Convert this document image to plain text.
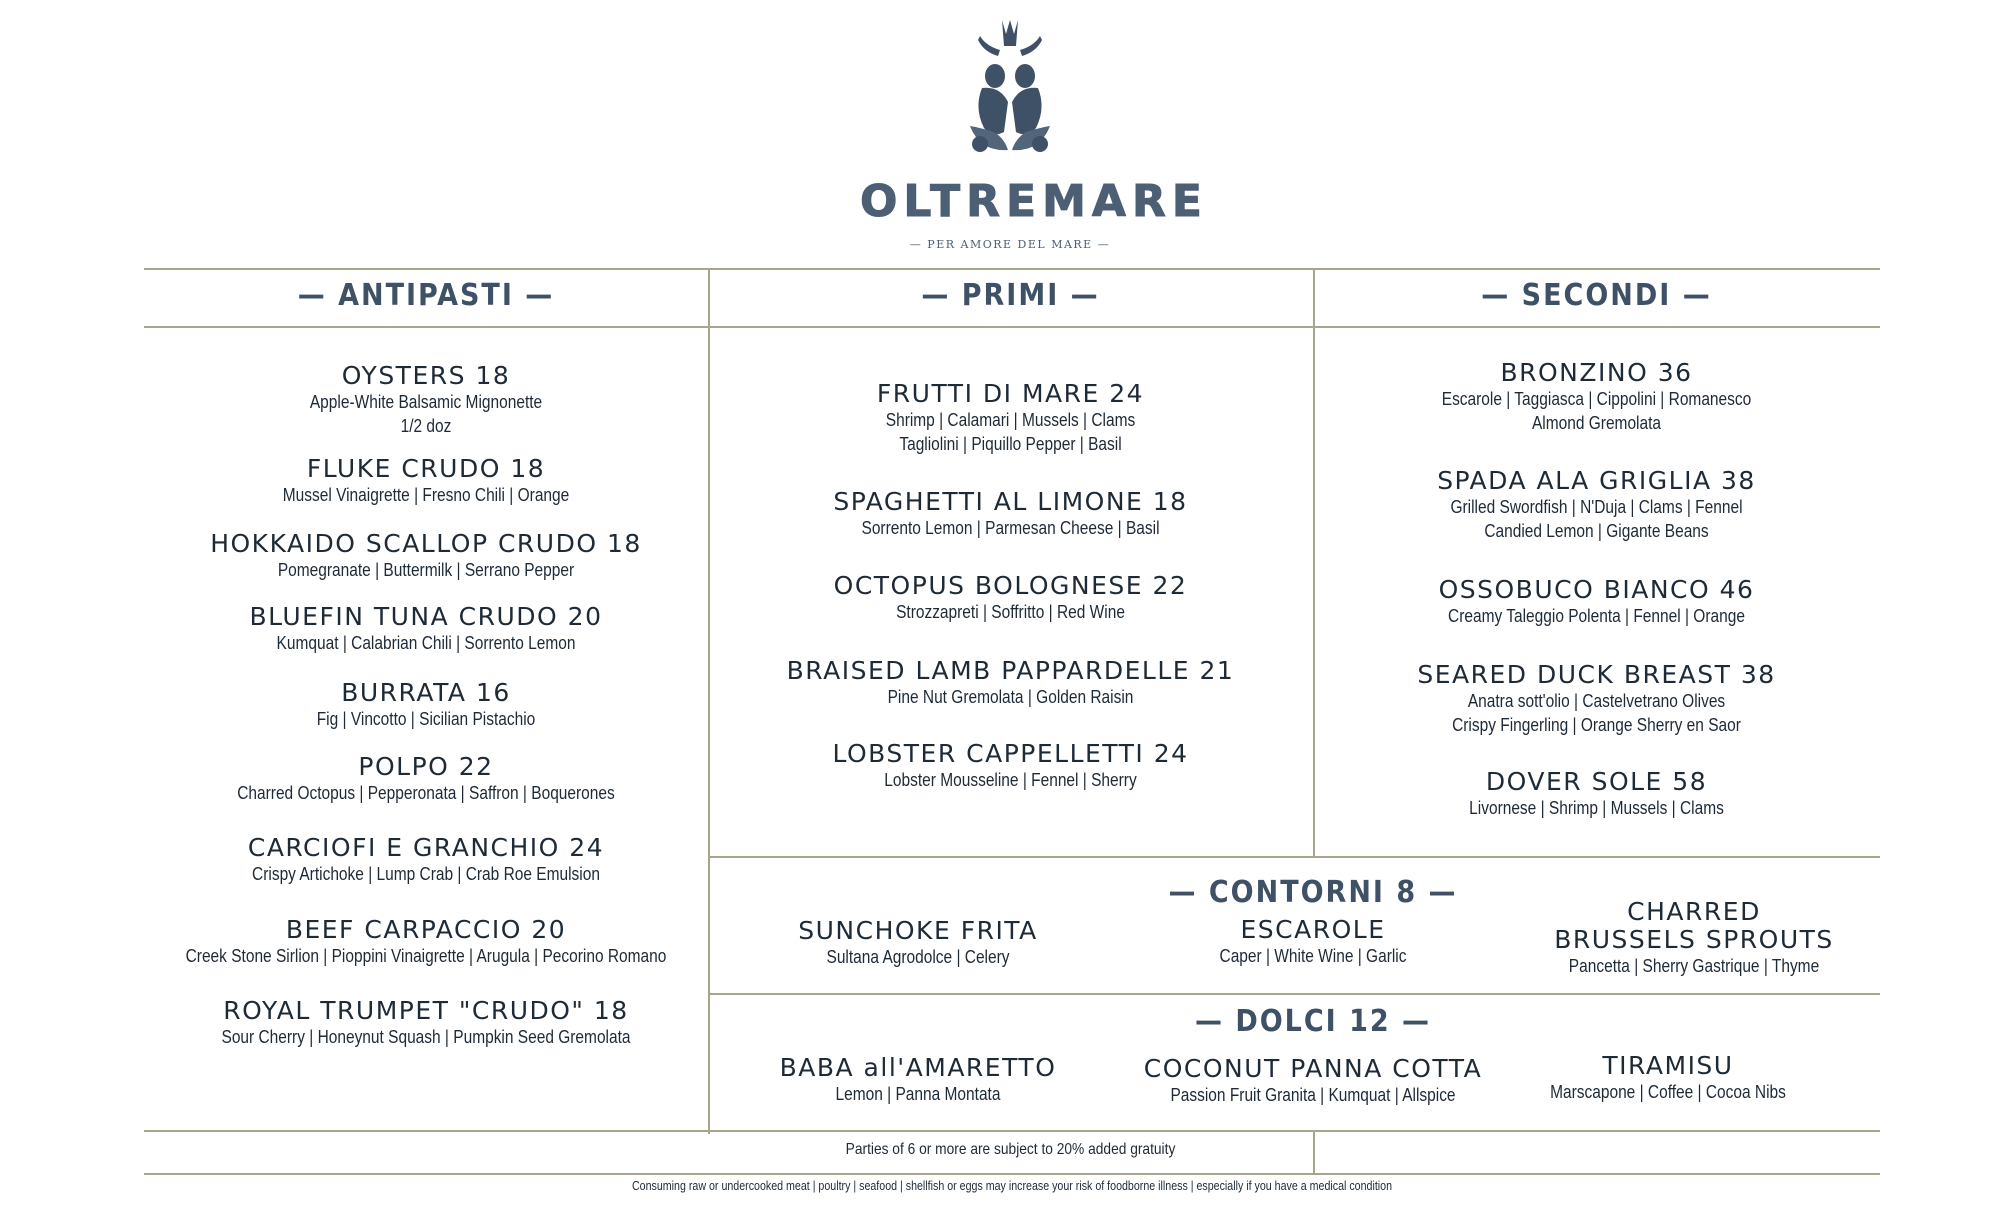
OLTREMARE
— PER AMORE DEL MARE —
— ANTIPASTI —	— PRIMI —	— SECONDI —
— CONTORNI 8 —
— DOLCI 12 —
OYSTERS 18
Apple-White Balsamic Mignonette
1/2 doz
FLUKE CRUDO 18
Mussel Vinaigrette | Fresno Chili | Orange
HOKKAIDO SCALLOP CRUDO 18
Pomegranate | Buttermilk | Serrano Pepper
BLUEFIN TUNA CRUDO 20
Kumquat | Calabrian Chili | Sorrento Lemon
BURRATA 16
Fig | Vincotto | Sicilian Pistachio
POLPO 22
Charred Octopus | Pepperonata | Saffron | Boquerones
CARCIOFI E GRANCHIO 24
Crispy Artichoke | Lump Crab | Crab Roe Emulsion
BEEF CARPACCIO 20
Creek Stone Sirlion | Pioppini Vinaigrette | Arugula | Pecorino Romano
ROYAL TRUMPET "CRUDO" 18
Sour Cherry | Honeynut Squash | Pumpkin Seed Gremolata
FRUTTI DI MARE 24
Shrimp | Calamari | Mussels | Clams
Tagliolini | Piquillo Pepper | Basil
SPAGHETTI AL LIMONE 18
Sorrento Lemon | Parmesan Cheese | Basil
OCTOPUS BOLOGNESE 22
Strozzapreti | Soffritto | Red Wine
BRAISED LAMB PAPPARDELLE 21
Pine Nut Gremolata | Golden Raisin
LOBSTER CAPPELLETTI 24
Lobster Mousseline | Fennel | Sherry
BRONZINO 36
Escarole | Taggiasca | Cippolini | Romanesco
Almond Gremolata
SPADA ALA GRIGLIA 38
Grilled Swordfish | N'Duja | Clams | Fennel
Candied Lemon | Gigante Beans
OSSOBUCO BIANCO 46
Creamy Taleggio Polenta | Fennel | Orange
SEARED DUCK BREAST 38
Anatra sott'olio | Castelvetrano Olives
Crispy Fingerling | Orange Sherry en Saor
DOVER SOLE 58
Livornese | Shrimp | Mussels | Clams
SUNCHOKE FRITA
Sultana Agrodolce | Celery
ESCAROLE
Caper | White Wine | Garlic
CHARRED
BRUSSELS SPROUTS
Pancetta | Sherry Gastrique | Thyme
BABA all'AMARETTO
Lemon | Panna Montata
COCONUT PANNA COTTA
Passion Fruit Granita | Kumquat | Allspice
TIRAMISU
Marscapone | Coffee | Cocoa Nibs
Parties of 6 or more are subject to 20% added gratuity
Consuming raw or undercooked meat | poultry | seafood | shellfish or eggs may increase your risk of foodborne illness | especially if you have a medical condition
